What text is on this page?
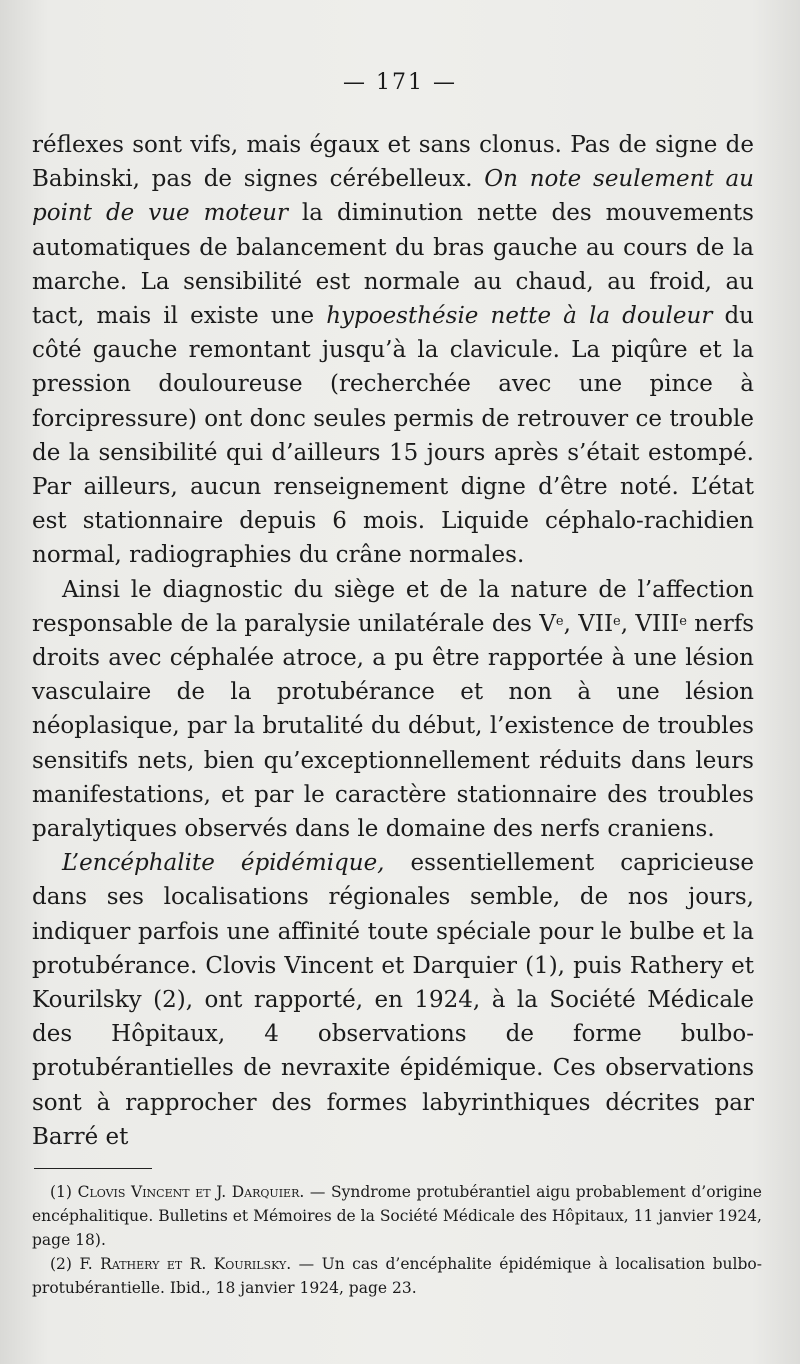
— 171 —

réflexes sont vifs, mais égaux et sans clonus. Pas de signe de Babinski, pas de signes cérébelleux. On note seulement au point de vue moteur la diminution nette des mouvements automatiques de balancement du bras gauche au cours de la marche. La sensibilité est normale au chaud, au froid, au tact, mais il existe une hypoesthésie nette à la douleur du côté gauche remontant jusqu’à la clavicule. La piqûre et la pression douloureuse (recherchée avec une pince à forcipressure) ont donc seules permis de retrouver ce trouble de la sensibilité qui d’ailleurs 15 jours après s’était estompé. Par ailleurs, aucun renseignement digne d’être noté. L’état est stationnaire depuis 6 mois. Liquide céphalo-rachidien normal, radiographies du crâne normales.

Ainsi le diagnostic du siège et de la nature de l’affection responsable de la paralysie unilatérale des Ve, VIIe, VIIIe nerfs droits avec céphalée atroce, a pu être rapportée à une lésion vasculaire de la protubérance et non à une lésion néoplasique, par la brutalité du début, l’existence de troubles sensitifs nets, bien qu’exceptionnellement réduits dans leurs manifestations, et par le caractère stationnaire des troubles paralytiques observés dans le domaine des nerfs craniens.

L’encéphalite épidémique, essentiellement capricieuse dans ses localisations régionales semble, de nos jours, indiquer parfois une affinité toute spéciale pour le bulbe et la protubérance. Clovis Vincent et Darquier (1), puis Rathery et Kourilsky (2), ont rapporté, en 1924, à la Société Médicale des Hôpitaux, 4 observations de forme bulbo-protubérantielles de nevraxite épidémique. Ces observations sont à rapprocher des formes labyrinthiques décrites par Barré et

(1) Clovis Vincent et J. Darquier. — Syndrome protubérantiel aigu probablement d’origine encéphalitique. Bulletins et Mémoires de la Société Médicale des Hôpitaux, 11 janvier 1924, page 18).

(2) F. Rathery et R. Kourilsky. — Un cas d’encéphalite épidémique à localisation bulbo-protubérantielle. Ibid., 18 janvier 1924, page 23.
